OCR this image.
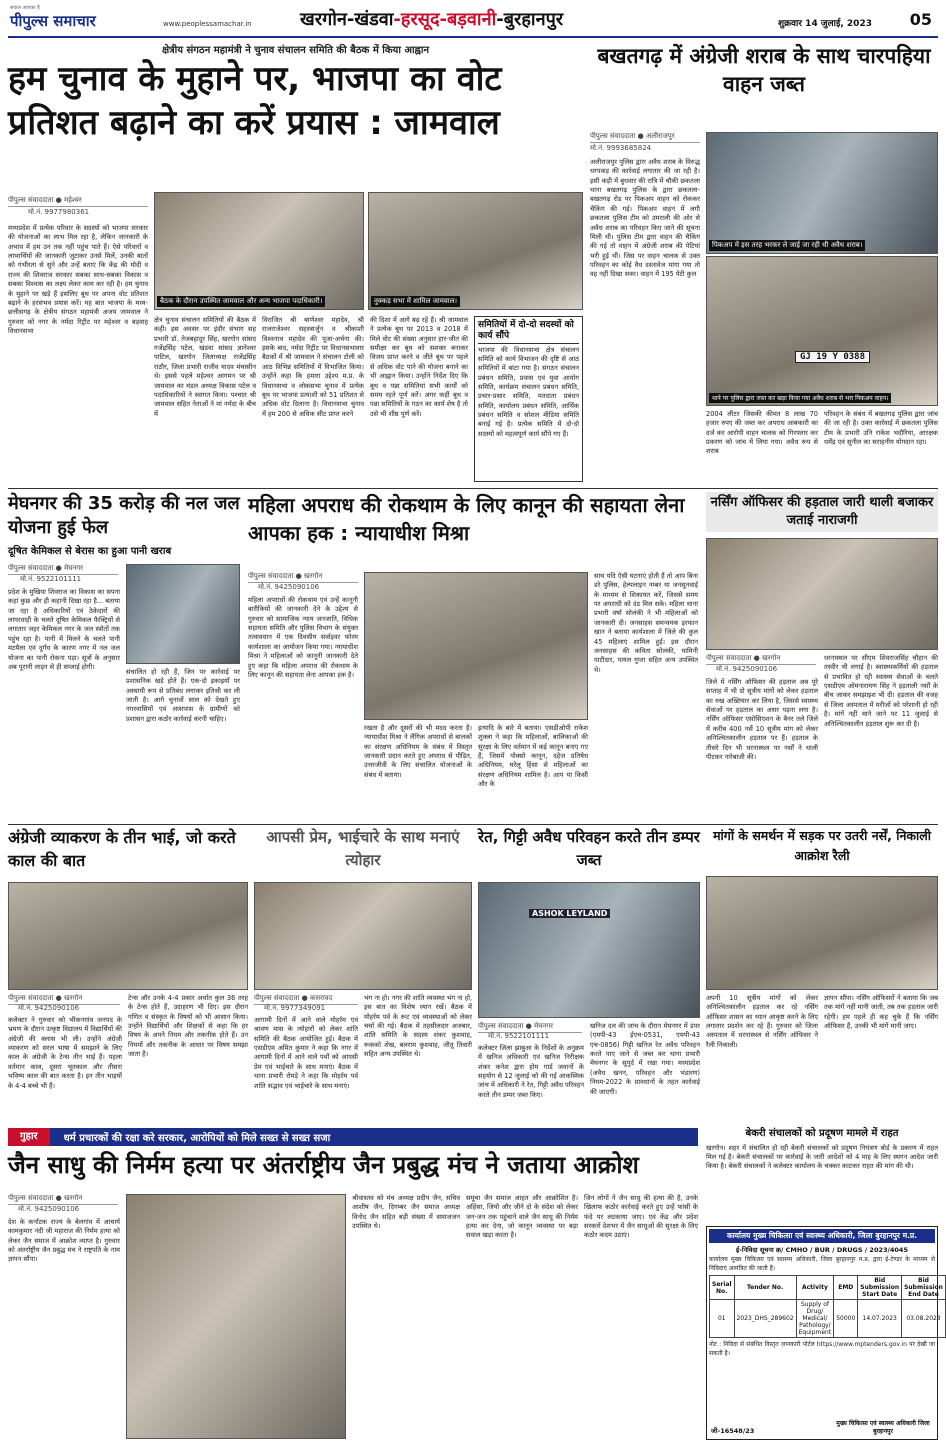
सवाल आपका है
पीपुल्स समाचार	www.peoplessamachar.in	खरगोन-खंडवा-हरसूद-बड़वानी-बुरहानपुर	शुक्रवार 14 जुलाई, 2023 05
क्षेत्रीय संगठन महामंत्री ने चुनाव संचालन समिति की बैठक में किया आह्वान
हम चुनाव के मुहाने पर, भाजपा का वोट प्रतिशत बढ़ाने का करें प्रयास : जामवाल
पीपुल्स संवाददाता ● महेश्वर
मो.नं. 9977980361
बैठक के दौरान उपस्थित जामवाल और अन्य भाजपा पदाधिकारी।	नुक्कड़ सभा में शामिल जामवाल।
मध्यप्रदेश में प्रत्येक परिवार के सदस्यों को भाजपा सरकार की योजनाओं का लाभ मिल रहा है, लेकिन जानकारी के अभाव में हम उन तक नहीं पहुंच पाते हैं। ऐसे परिवारों व लाभार्थियों की जानकारी जुटाकर उनसे मिलें, उनकी बातों को गंभीरता से सुने और उन्हें बताएं कि केंद्र की मोदी व राज्य की शिवराज सरकार सबका साथ-सबका विकास व सबका विश्वास का लक्ष्य लेकर काम कर रही है। हम चुनाव के मुहाने पर खड़े हैं इसलिए बूथ पर अपना वोट प्रतिशत बढ़ाने के हरसंभव प्रयास करें। यह बात भाजपा के मध्य-छत्तीसगढ़ के क्षेत्रीय संगठन महामंत्री अजय जामवाल ने गुरुवार को नगर के नर्मदा रिट्रीट पर महेश्वर व बड़वाह विधानसभा
क्षेत्र चुनाव संचालन समितियों की बैठक में कही। इस अवसर पर इंदौर संभाग सह प्रभारी डॉ. तेजबहादुर सिंह, खरगोन सांसद गजेंद्रसिंह पटेल, खंडवा सांसद ज्ञानेश्वर पाटिल, खरगोन जिलाध्यक्ष राजेंद्रसिंह राठौर, जिला प्रभारी राजीव यादव मंचासीन थे। इससे पहले महेश्वर आगमन पर श्री जामवाल का मंडल अध्यक्ष विकास पटेल व पदाधिकारियों ने स्वागत किया। पश्चात श्री जामवाल सहित नेताओं ने मां नर्मदा के बीच में
विराजित श्री बाणेश्वर महादेव, श्री राजराजेश्वर सहस्त्रार्जुन व श्रीकाशी विश्वनाथ महादेव की पूजा-अर्चना की। इसके बाद, नर्मदा रिट्रीट पर विधानसभावार बैठकों में श्री जामवाल ने संचालन टोली को आठ विभिन्न समितियों में विभाजित किया। उन्होंने कहा कि हमारा उद्देश्य म.प्र. के विधानसभा व लोकसभा चुनाव में प्रत्येक बूथ पर भाजपा प्रत्याशी को 51 प्रतिशत से अधिक वोट दिलाना है। विधानसभा चुनाव में हम 200 से अधिक सीट प्राप्त करने
की दिशा में आगे बढ़ रहे हैं। श्री जामवाल ने प्रत्येक बूथ पर 2013 व 2018 में मिले वोट की संख्या अनुसार हार-जीत की समीक्षा कर बूथ को सशक्त बनाकर विजय प्राप्त करने व जीते बूथ पर पहले से अधिक वोट पाने की योजना बनाने का भी आह्वान किया। उन्होंने निर्देश दिए कि बूथ व पन्ना समितियां सभी कार्यों को समय रहते पूर्ण करें। अगर कहीं बूथ व पन्ना समितियों के गठन का कार्य शेष है तो उसे भी शीघ्र पूर्ण करें।
समितियों में दो-दो सदस्यों को कार्य सौंपे
भाजपा की विधानसभा क्षेत्र संचालन समिति को कार्य विभाजन की दृष्टि से आठ समितियों में बांटा गया है। संगठन संचालन प्रबंधन समिति, प्रवास एवं युवा आयोग समिति, कार्यक्रम संचालन प्रबंधन समिति, प्रचार-प्रसार समिति, मतदाता प्रबंधन समिति, कार्यालय प्रबंधन समिति, आर्थिक प्रबंधन समिति व सोशल मीडिया समिति बनाई गई है। प्रत्येक समिति में दो-दो सदस्यों को महत्वपूर्ण कार्य सौंपे गए हैं।
बखतगढ़ में अंग्रेजी शराब के साथ चारपहिया वाहन जब्त
पीपुल्स संवाददाता ● अलीराजपुर
मो.नं. 9993685824
अलीराजपुर पुलिस द्वारा अवैध शराब के विरुद्ध धरपकड़ की कार्रवाई लगातार की जा रही है। इसी कड़ी में बुधवार की रात्रि में चौकी छकतला थाना बखतगढ़ पुलिस के द्वारा छकतला-बखतगढ़ रोड पर पिकअप वाहन को रोककर चैकिंग की गई। पिकअप वाहन में लगी छकतला पुलिस टीम को उमराली की ओर से अवैध शराब का परिवहन किए जाने की सूचना मिली थी। पुलिस टीम द्वारा वाहन की चैकिंग की गई तो वाहन में अंग्रेजी शराब की पेटियां भरी हुई थीं। जिस पर वाहन चालक से उक्त परिवहन का कोई वैध दस्तावेज मांगा गया तो वह नहीं दिखा सका। वाहन में 195 पेटी कुल
पिकअप में इस तरह भरकर ले जाई जा रही थी अवैध शराब।
GJ 19 Y 0388
थाने पर पुलिस द्वारा जब्त कर खड़ा किया गया अवैध शराब से भरा पिकअप वाहन।
2004 लीटर जिसकी कीमत 8 लाख 70 हजार रुपए की जब्त कर अपराध आबकारी का दर्ज कर आरोपी वाहन चालक को गिरफ्तार कर प्रकरण को जांच में लिया गया। अवैध रूप से शराब
परिवहन के संबंध में बखतगढ़ पुलिस द्वारा जांच की जा रही है। उक्त कार्रवाई में छकतला पुलिस टीम के प्रभारी उनि राकेश भदौरिया, आरक्षक धर्मेंद्र एवं सुनील का सराहनीय योगदान रहा।
मेघनगर की 35 करोड़ की नल जल योजना हुई फेल
दूषित केमिकल से बेरास का हुआ पानी खराब
पीपुल्स संवाददाता ● मेघनगर
मो.नं. 9522101111
प्रदेश के मुखिया शिवराज का विकास का सपना कहां कुछ और ही कहानी दिखा रहा है... बताया जा रहा है अधिकारियों एवं ठेकेदारों की लापरवाही के चलते दूषित केमिकल फैक्ट्रियों से लगातार जहर केमिकल नगर के जल स्त्रोतों तक पहुंच रहा है। पानी में मिलने के चलते पानी मटमैला एवं दुर्गंध के कारण नगर में नल जल योजना का पानी रोकना पड़ा। सूत्रों के अनुसार अब पूरानी लाइन से ही सप्लाई होगी।
संचालित हो रही हैं, जिन पर कार्रवाई पर प्रशासनिक खड़े होते हैं। एक-दो इकाइयों पर अस्थायी रूप से प्रतिबंध लगाकर इतिश्री कर ली जाती है। आगे चुनावों साल को देखते हुए नगरवासियों एवं आसपास के ग्रामीणों को प्रशासन द्वारा कठोर कार्रवाई करनी चाहिए।
महिला अपराध की रोकथाम के लिए कानून की सहायता लेना आपका हक : न्यायाधीश मिश्रा
पीपुल्स संवाददाता ● खरगोन
मो.नं. 9425090106
महिला अपराधों की रोकथाम एवं उन्हें कानूनी बारीकियों की जानकारी देने के उद्देश्य से गुरुवार को सामाजिक न्याय जनजाति, विधिक सहायता समिति और पुलिस विभाग के संयुक्त तत्वावधान में एक दिवसीय सर्वाइवर फोरम कार्यशाला का आयोजन किया गया। न्यायाधीश मिश्रा ने महिलाओं को कानूनी जानकारी देते हुए कहा कि महिला अपराध की रोकथाम के लिए कानून की सहायता लेना आपका हक है।
रखता है और दूसरों की भी मदद करता है। न्यायाधीश मिश्रा ने लैंगिक अपराधों से बालकों का संरक्षण अधिनियम के संबंध में विस्तृत जानकारी प्रदान करते हुए अपराध से पीड़ित, उत्तरजीवी के लिए संचालित योजनाओं के संबंध में बताया।
इत्यादि के बारे में बताया। एसडीओपी राकेश शुक्ला ने कहा कि महिलाओं, बालिकाओं की सुरक्षा के लिए वर्तमान में कई कानून बनाए गए हैं, जिसमें पोक्सो कानून, दहेज प्रतिषेध अधिनियम, घरेलू हिंसा से महिलाओं का संरक्षण अधिनियम शामिल है। आप या किसी और के
साथ यदि ऐसी घटनाएं होती हैं तो आप बिना डरे पुलिस, हेल्पलाइन नम्बर या जनसुनवाई के माध्यम से शिकायत करें, जिससे समय पर अपराधी को दंड मिल सके। महिला थाना प्रभारी वर्षा सोलंकी ने भी महिलाओं को जानकारी दी। जनसाहस समन्वयक इरफान खान ने बताया कार्यशाला में जिले की कुल 45 महिलाएं शामिल हुईं। इस दौरान जनसाहस की कविता सोलंकी, यामिनी पाटीदार, पायल गुप्ता सहित अन्य उपस्थित थे।
नर्सिंग ऑफिसर की हड़ताल जारी थाली बजाकर जताई नाराजगी
पीपुल्स संवाददाता ● खरगोन
मो.नं. 9425090106
जिले में नर्सिंग ऑफिसर की हड़ताल अब पूरे सप्ताह में भी दो सूत्रीय मांगों को लेकर हड़ताल का रुख अख्तियार कर लिया है, जिससे स्वास्थ्य सेवाओं पर हड़ताल का असर पड़ना लगा है। नर्सिंग ऑफिसर एसोसिएशन के बैनर तले जिले में करीब 400 नर्से 10 सूत्रीय मांग को लेकर अनिश्चितकालीन हड़ताल पर हैं। हड़ताल के तीसरे दिन भी धरनास्थल पर नर्सों ने थाली पीटकर नारेबाजी की।
धरनास्थल पर सीएम शिवराजसिंह चौहान की तस्वीर भी लगाई है। स्वास्थ्यकर्मियों की हड़ताल से प्रभावित हो रही स्वास्थ्य सेवाओं के चलते एसडीएम ओमनारायण सिंह ने इड़ताली नर्सों के बीच जाकर समझाइश भी दी। हड़ताल की वजह से जिला अस्पताल में मरीजों को परेशानी हो रही है। मांगें नहीं माने जाने पर 11 जुलाई से अनिश्चितकालीन हड़ताल शुरू कर दी है।
अंग्रेजी व्याकरण के तीन भाई, जो करते काल की बात
पीपुल्स संवाददाता ● खरगोन
मो.नं. 9425090106
कलेक्टर ने गुरुवार को भीकनगांव जनपद के भ्रमण के दौरान उत्कृष्ट विद्यालय में विद्यार्थियों की अंग्रेजी की क्लास भी ली। उन्होंने अंग्रेजी व्याकरण को सरल भाषा में समझाने के लिए काल के अंग्रेजी के टेन्स तीन भाई हैं। पहला वर्तमान काल, दूसरा भूतकाल और तीसरा भविष्य काल की बात करता है। इन तीन भाइयों के 4-4 बच्चे भी हैं।
टेन्स और उनके 4-4 प्रकार अर्थात कुल 36 तरह के टेन्स होते हैं, उदाहरण भी दिए। इस दौरान गणित व संस्कृत के विषयों को भी आसान किया। उन्होंने विद्यार्थियों और शिक्षकों से कहा कि हर विषय के अपने नियम और तकनीक होते हैं। उन नियमों और तकनीक के आधार पर विषय समझा जाता है।
आपसी प्रेम, भाईचारे के साथ मनाएं त्योहार
पीपुल्स संवाददाता ● कसरावद
मो.नं. 9977349091
आगामी दिनों में आने वाले मोहर्रम एवं श्रावण मास के त्योहारों को लेकर शांति समिति की बैठक आयोजित हुई। बैठक में एसडीएम अमित कुमार ने कहा कि नगर में आगामी दिनों में आने वाले पर्वों को आपसी प्रेम एवं भाईचारे के साथ मनाएं। बैठक में थाना प्रभारी रोमड़े ने कहा कि मोहर्रम पर्व शांति सद्भाव एवं भाईचारे के साथ मनाएं।
भंग ना हो। नगर की शांति व्यवस्था भंग ना हो, इस बात का विशेष ध्यान रखें। बैठक में मोहर्रम पर्व के रूट एवं व्यवस्थाओं को लेकर चर्चा की गई। बैठक में तहसीलदार अजबार, शांति समिति के सदस्य शंकर कुशवाह, रूकको शेख, बलराम कुशवाह, जीतू तिवारी सहित अन्य उपस्थित थे।
रेत, गिट्टी अवैध परिवहन करते तीन डम्पर जब्त
ASHOK LEYLAND
पीपुल्स संवाददाता ● मेघनगर
मो.नं. 9522101111
कलेक्टर जिला झाबुआ के निर्देशों के अनुक्रम में खनिज अधिकारी एवं खनिज निरीक्षक शंकर कनेश द्वारा होम गार्ड जवानों के सहयोग से 12 जुलाई को की गई आकस्मिक जांच में अधिकारी ने रेत, गिट्टी अवैध परिवहन करते तीन डम्पर जब्त किए।
खनिज दल की जांच के दौरान मेघनगर में डंपर (एमपी-43 ईएच-0531, एमपी-43 एच-0856) गिट्टी खनिज रेत अवैध परिवहन करते पाए जाने से जब्त कर थाना प्रभारी मेघनगर के सुपुर्द में रखा गया। मध्यप्रदेश (अवैध खनन, परिवहन और भंडारण) नियम-2022 के प्रावधानों के तहत कार्रवाई की जाएगी।
मांगों के समर्थन में सड़क पर उतरी नर्सें, निकाली आक्रोश रैली
अपनी 10 सूत्रीय मांगों को लेकर अनिश्चितकालीन हड़ताल कर रहे नर्सिंग ऑफिसर शासन का ध्यान आकृष्ट करने के लिए लगातार प्रदर्शन कर रहे हैं। गुरुवार को जिला अस्पताल में धरनास्थल से नर्सिंग ऑफिसर ने रैली निकाली।
ज्ञापन सौंपा। नर्सिंग ऑफिसरों ने बताया कि जब तक मांगें नहीं मानी जाती, तब तक हड़ताल जारी रहेगी। हम पहले ही कह चुके हैं कि नर्सिंग ऑफिसर हैं, उनकी भी मांगें मानी जाए।
गुहार	धर्म प्रचारकों की रक्षा करे सरकार, आरोपियों को मिले सख्त से सख्त सजा
जैन साधु की निर्मम हत्या पर अंतर्राष्ट्रीय जैन प्रबुद्ध मंच ने जताया आक्रोश
पीपुल्स संवाददाता ● खरगोन
मो.नं. 9425090106
देश के कर्नाटक राज्य के बेलगांव में आचार्य कामकुमार नंदी जी महाराज की निर्मम हत्या को लेकर जैन समाज में आक्रोश व्याप्त है। गुरुवार को अंतर्राष्ट्रीय जैन प्रबुद्ध मंच ने राष्ट्रपति के नाम ज्ञापन सौंपा।
श्रीवास्तव को मंच अध्यक्ष प्रदीप जैन, सचिव आशीष जैन, दिगम्बर जैन समाज अध्यक्ष विनोद जैन सहित बड़ी संख्या में समाजजन उपस्थित थे।
समूचा जैन समाज आहत और आक्रोशित है। अहिंसा, जियो और जीने दो के संदेश को लेकर जन-जन तक पहुंचाने वाले जैन साधु की निर्मम हत्या कर देना, जो कानून व्यवस्था पर बड़ा सवाल खड़ा करता है।
जिन लोगों ने जैन साधु की हत्या की है, उनके खिलाफ कठोर कार्रवाई करते हुए उन्हें फांसी के फंदे पर लटकाया जाए। एवं केंद्र और प्रदेश सरकारें देशभर में जैन साधुओं की सुरक्षा के लिए कठोर कदम उठाएं।
बेकरी संचालकों को प्रदूषण मामले में राहत
खरगोन। शहर में संचालित हो रही बेकरी संचालकों को प्रदूषण नियंत्रण बोर्ड के प्रकरण में राहत मिल गई है। बेकरी संचालकों पर कार्रवाई के जारी आदेशों को 4 माह के लिए स्थगन आदेश जारी किया है। बेकरी संचालकों ने कलेक्टर कार्यालय के चक्कर काटकर राहत की मांग की थी।
कार्यालय मुख्य चिकित्सा एवं स्वास्थ्य अधिकारी, जिला बुरहानपुर म.प्र.
ई-निविदा सूचना क्र/ CMHO / BUR / DRUGS / 2023/4045
कार्यालय मुख्य चिकित्सा एवं स्वास्थ्य अधिकारी, जिला बुरहानपुर म.प्र. द्वारा ई-टेण्डर के माध्यम से निविदाएं आमंत्रित की जाती हैं।
Serial No.	Tender No.	Activity	EMD	Bid Submission Start Date	Bid Submission End Date
01	2023_DHS_289602	Supply of Drug/ Medical/ Pathology/ Equipment	50000	14.07.2023	03.08.2023
नोट : निविदा से संबंधित विस्तृत जानकारी पोर्टल https://www.mptenders.gov.in पर देखी जा सकती है।
जी-16548/23
मुख्य चिकित्सा एवं स्वास्थ्य अधिकारी जिला बुरहानपुर
